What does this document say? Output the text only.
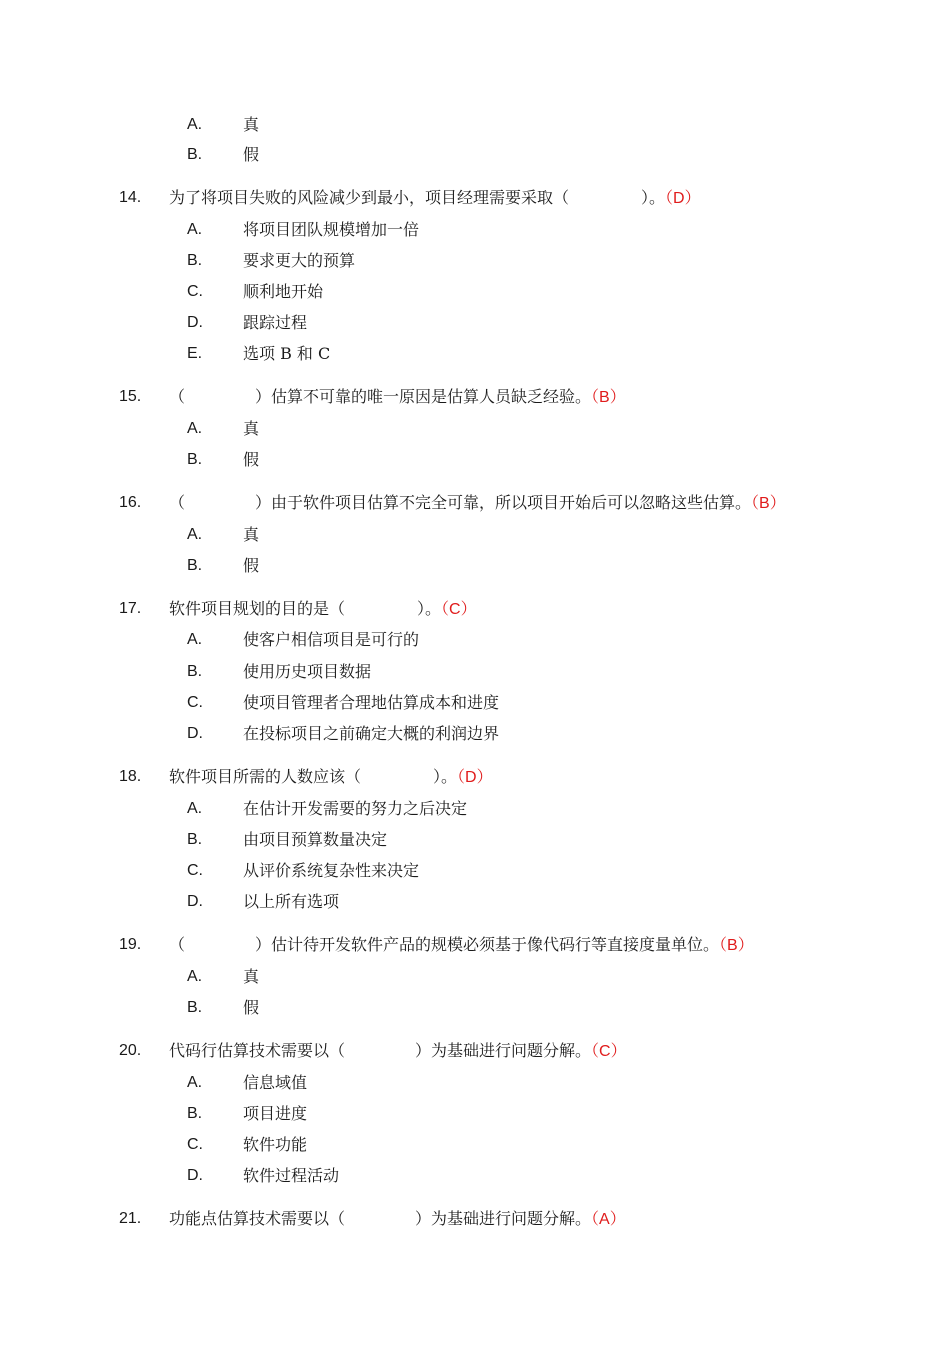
A.	真
B.	假
14. 为了将项目失败的风险减少到最小，项目经理需要采取（	）。（D）
A.	将项目团队规模增加一倍
B.	要求更大的预算
C.	顺利地开始
D.	跟踪过程
E.	选项 B 和 C
15. （	）估算不可靠的唯一原因是估算人员缺乏经验。（B）
A.	真
B.	假
16. （	）由于软件项目估算不完全可靠，所以项目开始后可以忽略这些估算。（B）
A.	真
B.	假
17. 软件项目规划的目的是（	）。（C）
A.	使客户相信项目是可行的
B.	使用历史项目数据
C.	使项目管理者合理地估算成本和进度
D.	在投标项目之前确定大概的利润边界
18. 软件项目所需的人数应该（	）。（D）
A.	在估计开发需要的努力之后决定
B.	由项目预算数量决定
C.	从评价系统复杂性来决定
D.	以上所有选项
19. （	）估计待开发软件产品的规模必须基于像代码行等直接度量单位。（B）
A.	真
B.	假
20. 代码行估算技术需要以（	）为基础进行问题分解。（C）
A.	信息域值
B.	项目进度
C.	软件功能
D.	软件过程活动
21. 功能点估算技术需要以（	）为基础进行问题分解。（A）
